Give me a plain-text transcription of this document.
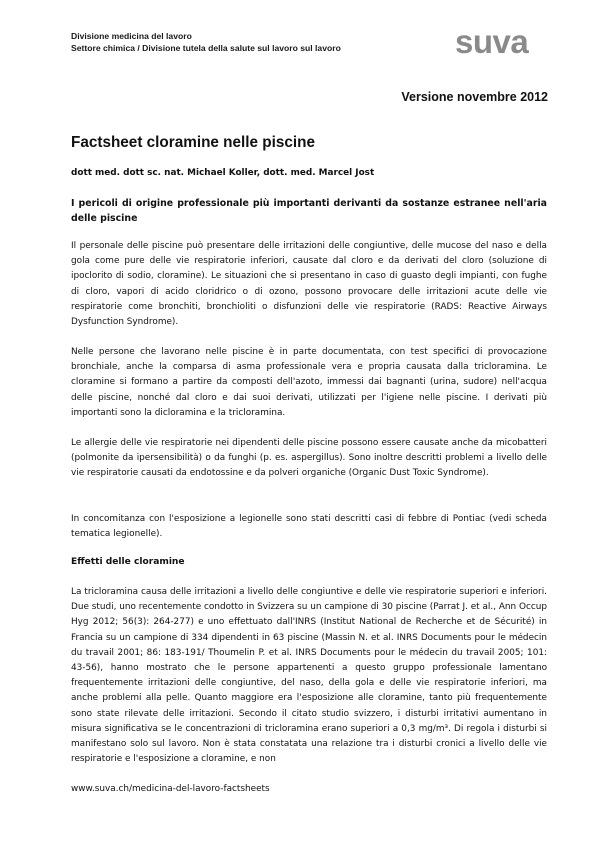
Divisione medicina del lavoro
Settore chimica / Divisione tutela della salute sul lavoro sul lavoro	suva
Versione novembre 2012
Factsheet cloramine nelle piscine
dott med. dott sc. nat. Michael Koller, dott. med. Marcel Jost
I pericoli di origine professionale più importanti derivanti da sostanze estranee nell'aria delle piscine

Il personale delle piscine può presentare delle irritazioni delle congiuntive, delle mucose del naso e della gola come pure delle vie respiratorie inferiori, causate dal cloro e da derivati del cloro (soluzione di ipoclorito di sodio, cloramine). Le situazioni che si presentano in caso di guasto degli impianti, con fughe di cloro, vapori di acido cloridrico o di ozono, possono provocare delle irritazioni acute delle vie respiratorie come bronchiti, bronchioliti o disfunzioni delle vie respiratorie (RADS: Reactive Airways Dysfunction Syndrome).

Nelle persone che lavorano nelle piscine è in parte documentata, con test specifici di provocazione bronchiale, anche la comparsa di asma professionale vera e propria causata dalla tricloramina. Le cloramine si formano a partire da composti dell'azoto, immessi dai bagnanti (urina, sudore) nell'acqua delle piscine, nonché dal cloro e dai suoi derivati, utilizzati per l'igiene nelle piscine. I derivati più importanti sono la dicloramina e la tricloramina.

Le allergie delle vie respiratorie nei dipendenti delle piscine possono essere causate anche da micobatteri (polmonite da ipersensibilità) o da funghi (p. es. aspergillus). Sono inoltre descritti problemi a livello delle vie respiratorie causati da endotossine e da polveri organiche (Organic Dust Toxic Syndrome).

In concomitanza con l'esposizione a legionelle sono stati descritti casi di febbre di Pontiac (vedi scheda tematica legionelle).

Effetti delle cloramine

La tricloramina causa delle irritazioni a livello delle congiuntive e delle vie respiratorie superiori e inferiori. Due studi, uno recentemente condotto in Svizzera su un campione di 30 piscine (Parrat J. et al., Ann Occup Hyg 2012; 56(3): 264-277) e uno effettuato dall'INRS (Institut National de Recherche et de Sécurité) in Francia su un campione di 334 dipendenti in 63 piscine (Massin N. et al. INRS Documents pour le médecin du travail 2001; 86: 183-191/ Thoumelin P. et al. INRS Documents pour le médecin du travail 2005; 101: 43-56), hanno mostrato che le persone appartenenti a questo gruppo professionale lamentano frequentemente irritazioni delle congiuntive, del naso, della gola e delle vie respiratorie inferiori, ma anche problemi alla pelle. Quanto maggiore era l'esposizione alle cloramine, tanto più frequentemente sono state rilevate delle irritazioni. Secondo il citato studio svizzero, i disturbi irritativi aumentano in misura significativa se le concentrazioni di tricloramina erano superiori a 0,3 mg/m³. Di regola i disturbi si manifestano solo sul lavoro. Non è stata constatata una relazione tra i disturbi cronici a livello delle vie respiratorie e l'esposizione a cloramine, e non

www.suva.ch/medicina-del-lavoro-factsheets
